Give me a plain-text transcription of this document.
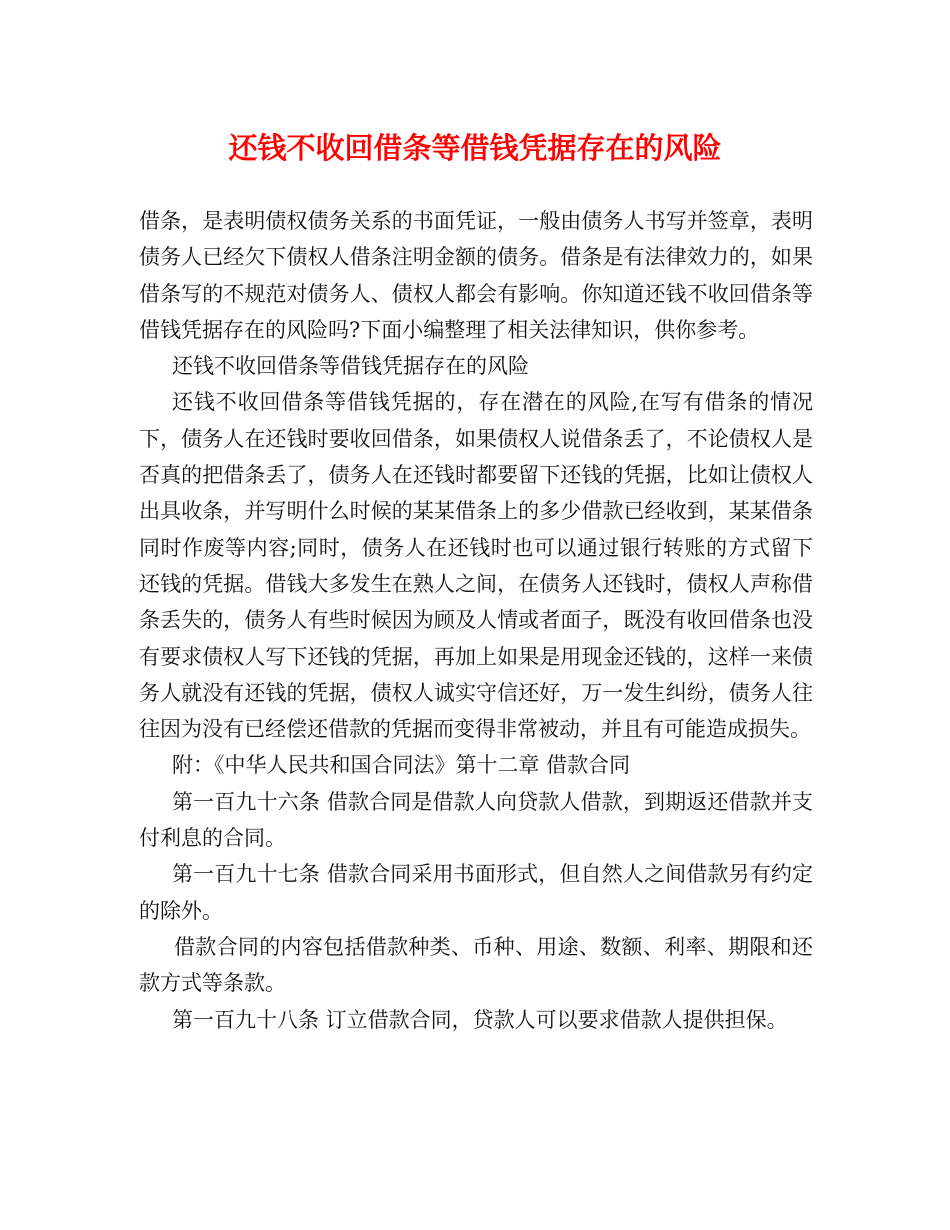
还钱不收回借条等借钱凭据存在的风险

借条，是表明债权债务关系的书面凭证，一般由债务人书写并签章，表明债务人已经欠下债权人借条注明金额的债务。借条是有法律效力的，如果借条写的不规范对债务人、债权人都会有影响。你知道还钱不收回借条等借钱凭据存在的风险吗?下面小编整理了相关法律知识，供你参考。

还钱不收回借条等借钱凭据存在的风险

还钱不收回借条等借钱凭据的，存在潜在的风险,在写有借条的情况下，债务人在还钱时要收回借条，如果债权人说借条丢了，不论债权人是否真的把借条丢了，债务人在还钱时都要留下还钱的凭据，比如让债权人出具收条，并写明什么时候的某某借条上的多少借款已经收到，某某借条同时作废等内容;同时，债务人在还钱时也可以通过银行转账的方式留下还钱的凭据。借钱大多发生在熟人之间，在债务人还钱时，债权人声称借条丢失的，债务人有些时候因为顾及人情或者面子，既没有收回借条也没有要求债权人写下还钱的凭据，再加上如果是用现金还钱的，这样一来债务人就没有还钱的凭据，债权人诚实守信还好，万一发生纠纷，债务人往往因为没有已经偿还借款的凭据而变得非常被动，并且有可能造成损失。

附：《中华人民共和国合同法》第十二章 借款合同

第一百九十六条 借款合同是借款人向贷款人借款，到期返还借款并支付利息的合同。

第一百九十七条 借款合同采用书面形式，但自然人之间借款另有约定的除外。

借款合同的内容包括借款种类、币种、用途、数额、利率、期限和还款方式等条款。

第一百九十八条 订立借款合同，贷款人可以要求借款人提供担保。
